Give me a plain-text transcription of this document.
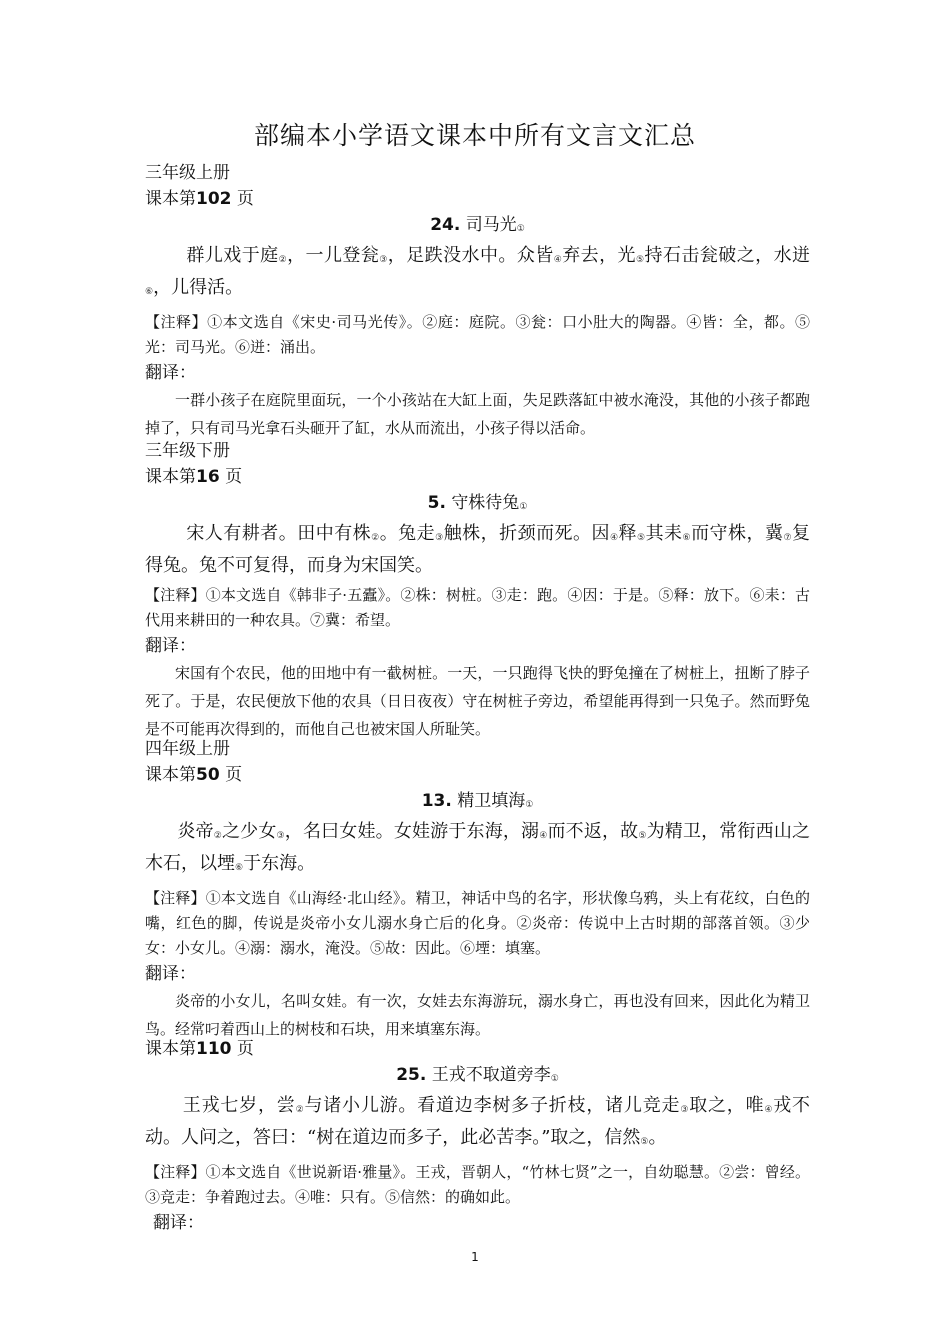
部编本小学语文课本中所有文言文汇总
三年级上册
课本第102 页
24. 司马光$_①$
群儿戏于庭$_②$，一儿登瓮$_③$，足跌没水中。众皆$_④$弃去，光$_⑤$持石击瓮破之，水迸$_⑥$，儿得活。
【注释】①本文选自《宋史·司马光传》。②庭：庭院。③瓮：口小肚大的陶器。④皆：全，都。⑤光：司马光。⑥迸：涌出。
翻译：
一群小孩子在庭院里面玩，一个小孩站在大缸上面，失足跌落缸中被水淹没，其他的小孩子都跑掉了，只有司马光拿石头砸开了缸，水从而流出，小孩子得以活命。
三年级下册
课本第16 页
5. 守株待兔$_①$
宋人有耕者。田中有株$_②$。兔走$_③$触株，折颈而死。因$_④$释$_⑤$其耒$_⑥$而守株，冀$_⑦$复得兔。兔不可复得，而身为宋国笑。
【注释】①本文选自《韩非子·五蠹》。②株：树桩。③走：跑。④因：于是。⑤释：放下。⑥耒：古代用来耕田的一种农具。⑦冀：希望。
翻译：
宋国有个农民，他的田地中有一截树桩。一天，一只跑得飞快的野兔撞在了树桩上，扭断了脖子死了。于是，农民便放下他的农具（日日夜夜）守在树桩子旁边，希望能再得到一只兔子。然而野兔是不可能再次得到的，而他自己也被宋国人所耻笑。
四年级上册
课本第50 页
13. 精卫填海$_①$
炎帝$_②$之少女$_③$，名曰女娃。女娃游于东海，溺$_④$而不返，故$_⑤$为精卫，常衔西山之木石，以堙$_⑥$于东海。
【注释】①本文选自《山海经·北山经》。精卫，神话中鸟的名字，形状像乌鸦，头上有花纹，白色的嘴，红色的脚，传说是炎帝小女儿溺水身亡后的化身。②炎帝：传说中上古时期的部落首领。③少女：小女儿。④溺：溺水，淹没。⑤故：因此。⑥堙：填塞。
翻译：
炎帝的小女儿，名叫女娃。有一次，女娃去东海游玩，溺水身亡，再也没有回来，因此化为精卫鸟。经常叼着西山上的树枝和石块，用来填塞东海。
课本第110 页
25. 王戎不取道旁李$_①$
王戎七岁，尝$_②$与诸小儿游。看道边李树多子折枝，诸儿竞走$_③$取之，唯$_④$戎不动。人问之，答曰：“树在道边而多子，此必苦李。”取之，信然$_⑤$。
【注释】①本文选自《世说新语·雅量》。王戎，晋朝人，“竹林七贤”之一，自幼聪慧。②尝：曾经。③竞走：争着跑过去。④唯：只有。⑤信然：的确如此。
翻译：
1
